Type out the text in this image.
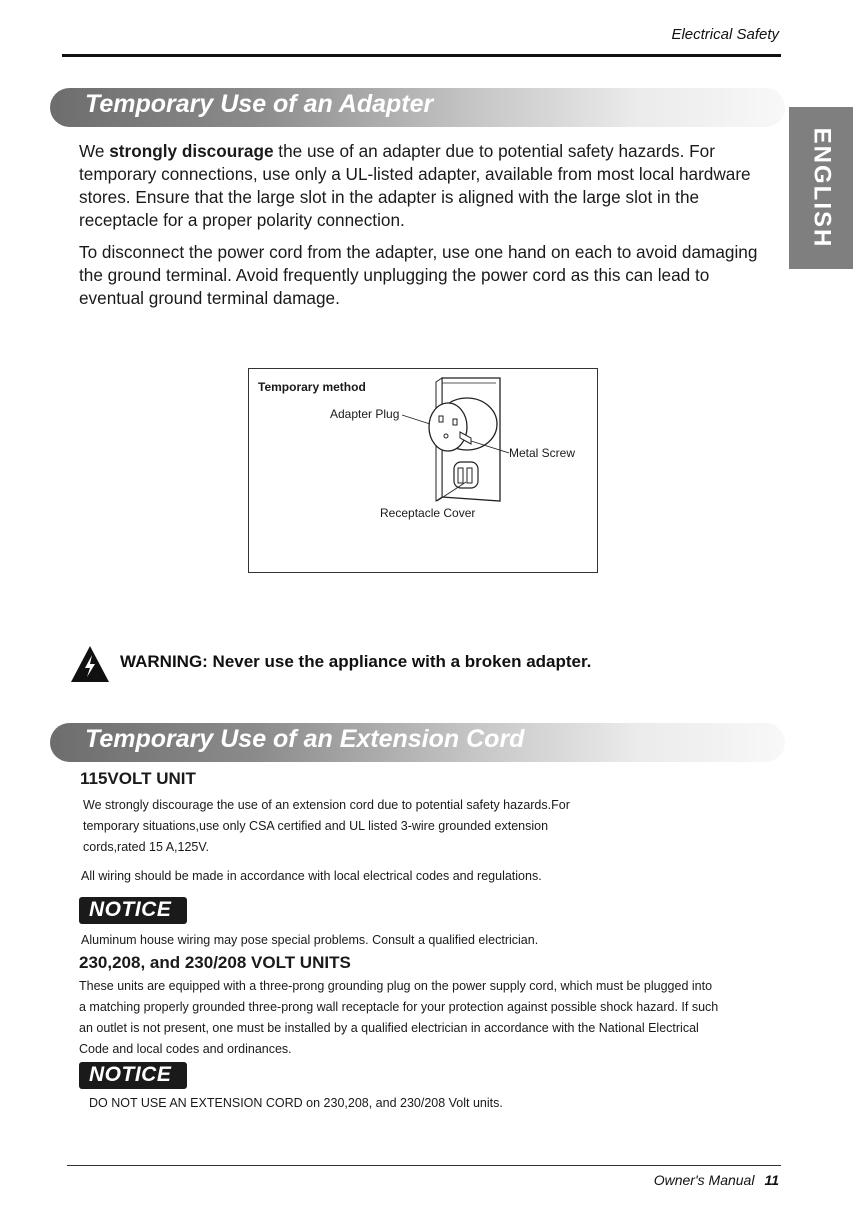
Electrical Safety
ENGLISH
Temporary Use of an Adapter

We strongly discourage the use of an adapter due to potential safety hazards. For temporary connections, use only a UL-listed adapter, available from most local hardware stores. Ensure that the large slot in the adapter is aligned with the large slot in the receptacle for a proper polarity connection.

To disconnect the power cord from the adapter, use one hand on each to avoid damaging the ground terminal. Avoid frequently unplugging the power cord as this can lead to eventual ground terminal damage.

Temporary method
Adapter Plug
Metal Screw
Receptacle Cover
WARNING: Never use the appliance with a broken adapter.
Temporary Use of an Extension Cord
115VOLT UNIT

We strongly discourage the use of an extension cord due to potential safety hazards.For temporary situations,use only CSA certified and UL listed 3-wire grounded extension cords,rated 15 A,125V.

All wiring should be made in accordance with local electrical codes and regulations.

NOTICE

Aluminum house wiring may pose special problems. Consult a qualified electrician.

230,208, and 230/208 VOLT UNITS

These units are equipped with a three-prong grounding plug on the power supply cord, which must be plugged into a matching properly grounded three-prong wall receptacle for your protection against possible shock hazard. If such an outlet is not present, one must be installed by a qualified electrician in accordance with the National Electrical Code and local codes and ordinances.

NOTICE

DO NOT USE AN EXTENSION CORD on 230,208, and 230/208 Volt units.

Owner's Manual 11
